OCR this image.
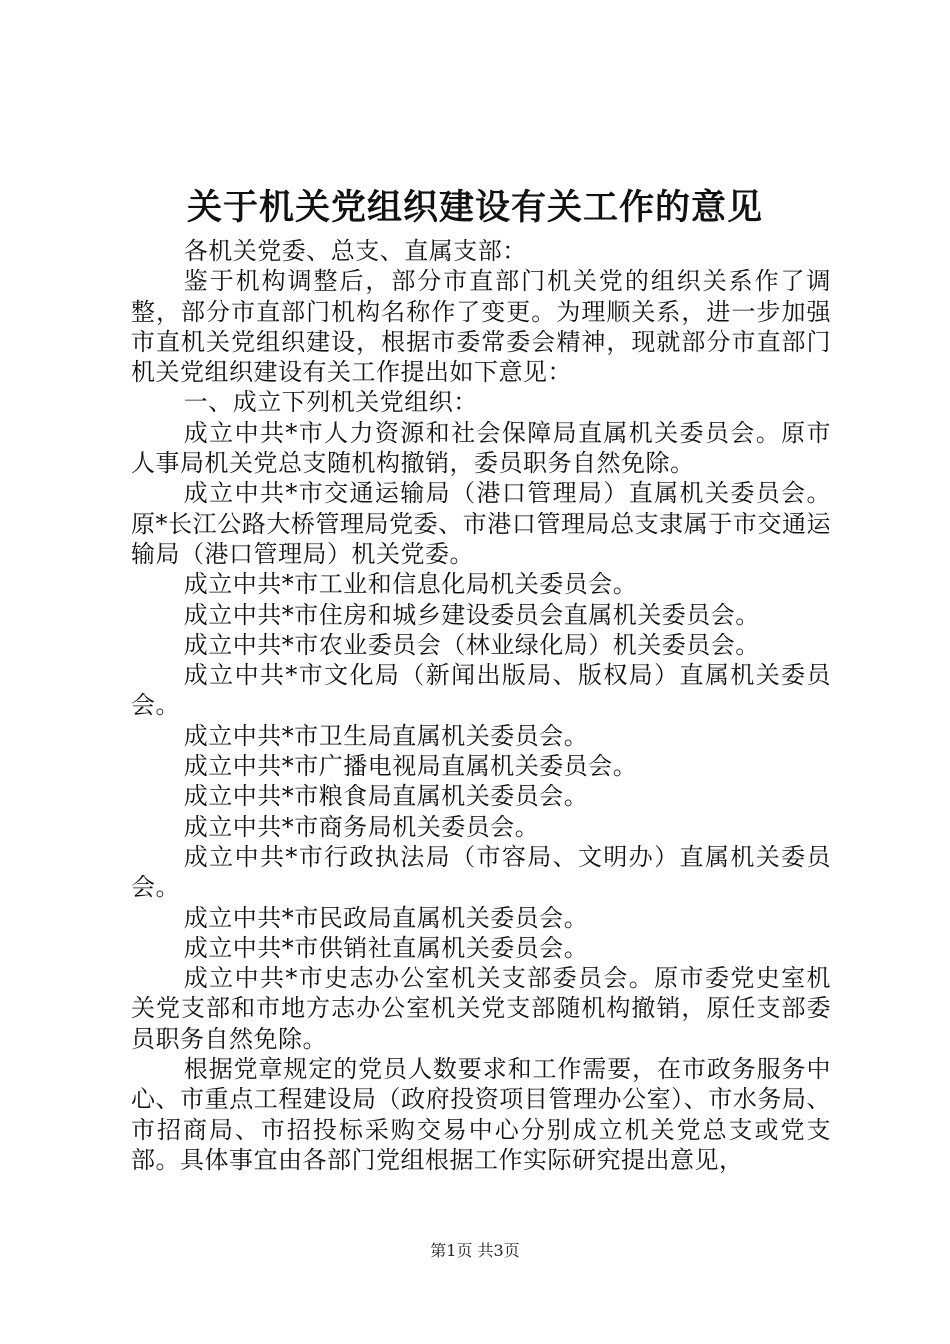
关于机关党组织建设有关工作的意见

各机关党委、总支、直属支部：

鉴于机构调整后，部分市直部门机关党的组织关系作了调整，部分市直部门机构名称作了变更。为理顺关系，进一步加强市直机关党组织建设，根据市委常委会精神，现就部分市直部门机关党组织建设有关工作提出如下意见：

一、成立下列机关党组织：

成立中共*市人力资源和社会保障局直属机关委员会。原市人事局机关党总支随机构撤销，委员职务自然免除。

成立中共*市交通运输局（港口管理局）直属机关委员会。原*长江公路大桥管理局党委、市港口管理局总支隶属于市交通运输局（港口管理局）机关党委。

成立中共*市工业和信息化局机关委员会。

成立中共*市住房和城乡建设委员会直属机关委员会。

成立中共*市农业委员会（林业绿化局）机关委员会。

成立中共*市文化局（新闻出版局、版权局）直属机关委员会。

成立中共*市卫生局直属机关委员会。

成立中共*市广播电视局直属机关委员会。

成立中共*市粮食局直属机关委员会。

成立中共*市商务局机关委员会。

成立中共*市行政执法局（市容局、文明办）直属机关委员会。

成立中共*市民政局直属机关委员会。

成立中共*市供销社直属机关委员会。

成立中共*市史志办公室机关支部委员会。原市委党史室机关党支部和市地方志办公室机关党支部随机构撤销，原任支部委员职务自然免除。

根据党章规定的党员人数要求和工作需要，在市政务服务中心、市重点工程建设局（政府投资项目管理办公室）、市水务局、市招商局、市招投标采购交易中心分别成立机关党总支或党支部。具体事宜由各部门党组根据工作实际研究提出意见，

第1页 共3页
